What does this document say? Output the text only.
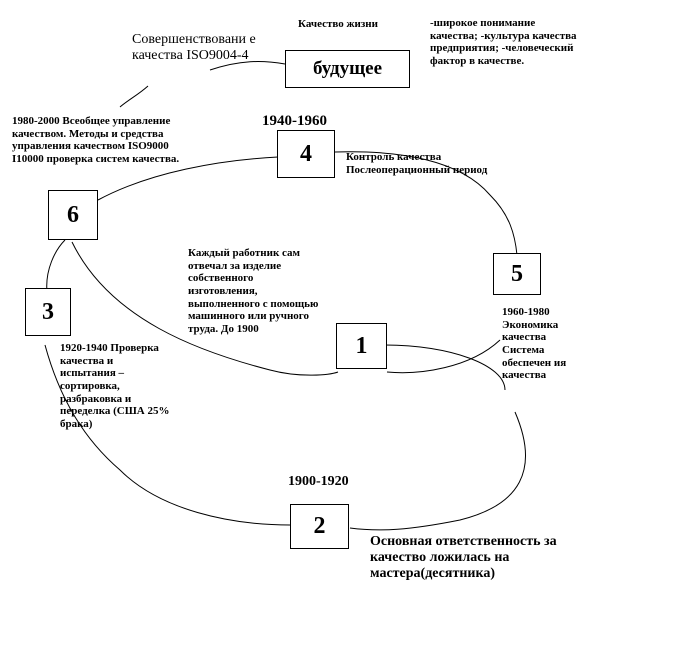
Качество жизни
будущее
Совершенствовани е качества ISO9004-4
-широкое понимание качества; -культура качества предприятия; -человеческий фактор в качестве.
1980-2000 Всеобщее управление качеством. Методы и средства управления качеством ISO9000 I10000 проверка систем качества.
6
1940-1960
4	Контроль качества Послеоперационный период
5
1960-1980 Экономика качества Система обеспечен ия качества
Каждый работник сам отвечал за изделие собственного изготовления, выполненного с помощью машинного или ручного труда. До 1900
1
3
1920-1940 Проверка качества и испытания – сортировка, разбраковка и переделка (США 25% брака)
1900-1920
2
Основная ответственность за качество ложилась на мастера(десятника)
